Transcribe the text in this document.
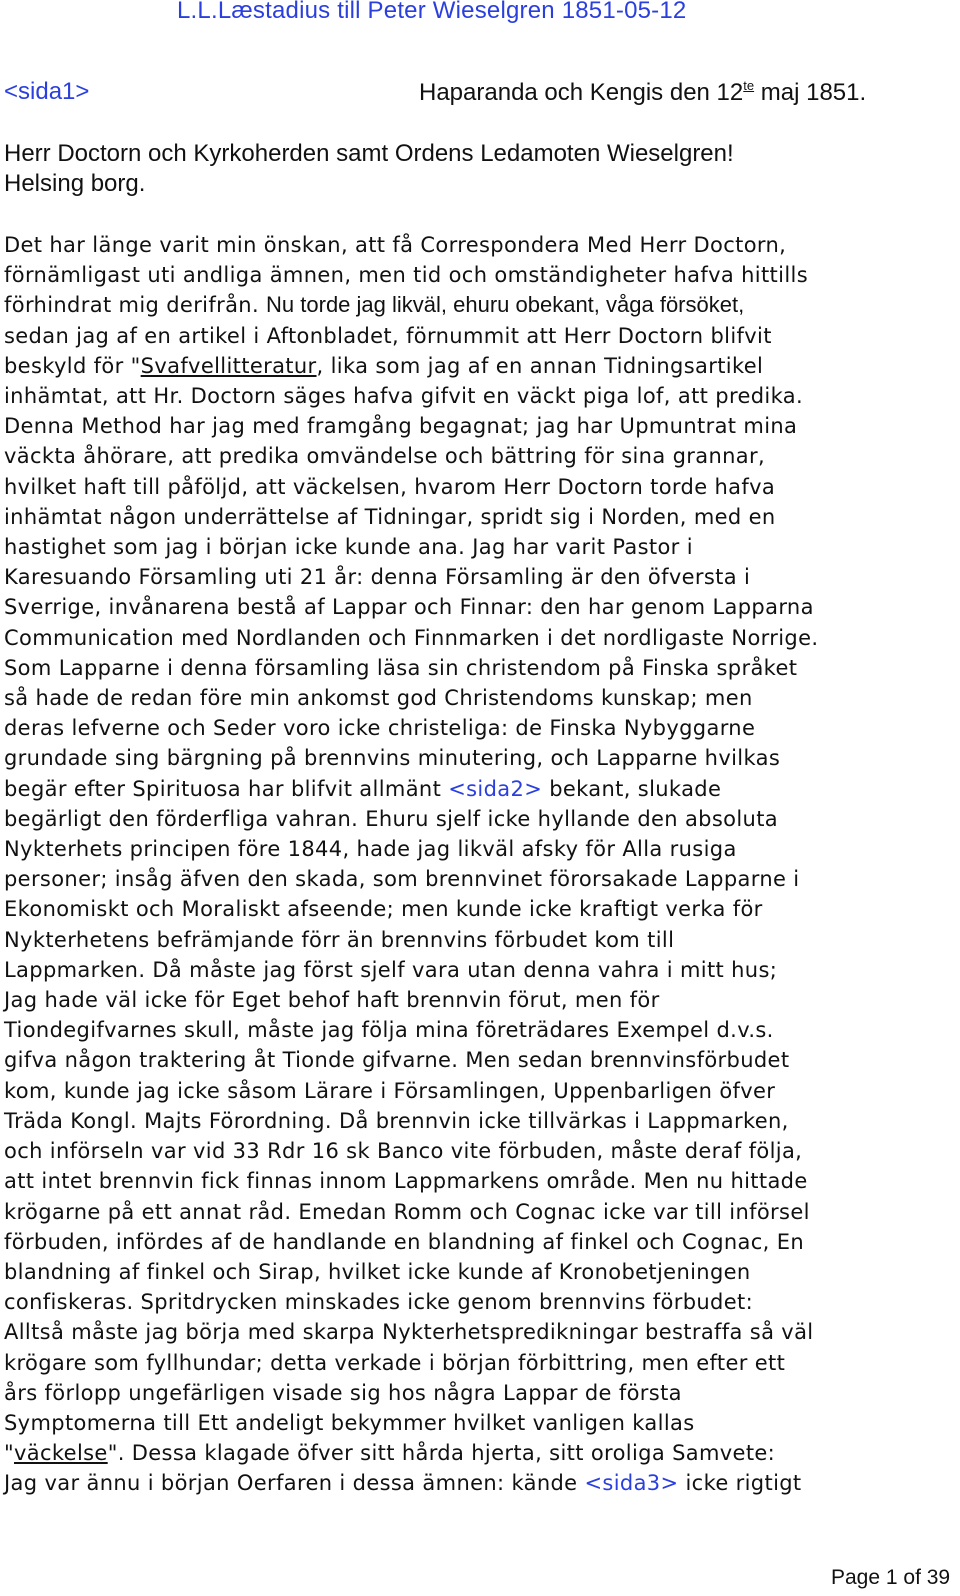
L.L.Læstadius till Peter Wieselgren 1851-05-12
<sida1>	Haparanda och Kengis den $12^{te}$ maj 1851.
Herr Doctorn och Kyrkoherden samt Ordens Ledamoten Wieselgren!
Helsing borg.
Det har länge varit min önskan, att få Correspondera Med Herr Doctorn,
förnämligast uti andliga ämnen, men tid och omständigheter hafva hittills
förhindrat mig derifrån. Nu torde jag likväl, ehuru obekant, våga försöket,
sedan jag af en artikel i Aftonbladet, förnummit att Herr Doctorn blifvit
beskyld för "Svafvellitteratur, lika som jag af en annan Tidningsartikel
inhämtat, att Hr. Doctorn säges hafva gifvit en väckt piga lof, att predika.
Denna Method har jag med framgång begagnat; jag har Upmuntrat mina
väckta åhörare, att predika omvändelse och bättring för sina grannar,
hvilket haft till påföljd, att väckelsen, hvarom Herr Doctorn torde hafva
inhämtat någon underrättelse af Tidningar, spridt sig i Norden, med en
hastighet som jag i början icke kunde ana. Jag har varit Pastor i
Karesuando Församling uti 21 år: denna Församling är den öfversta i
Sverrige, invånarena bestå af Lappar och Finnar: den har genom Lapparna
Communication med Nordlanden och Finnmarken i det nordligaste Norrige.
Som Lapparne i denna församling läsa sin christendom på Finska språket
så hade de redan före min ankomst god Christendoms kunskap; men
deras lefverne och Seder voro icke christeliga: de Finska Nybyggarne
grundade sing bärgning på brennvins minutering, och Lapparne hvilkas
begär efter Spirituosa har blifvit allmänt <sida2> bekant, slukade
begärligt den förderfliga vahran. Ehuru sjelf icke hyllande den absoluta
Nykterhets principen före 1844, hade jag likväl afsky för Alla rusiga
personer; insåg äfven den skada, som brennvinet förorsakade Lapparne i
Ekonomiskt och Moraliskt afseende; men kunde icke kraftigt verka för
Nykterhetens befrämjande förr än brennvins förbudet kom till
Lappmarken. Då måste jag först sjelf vara utan denna vahra i mitt hus;
Jag hade väl icke för Eget behof haft brennvin förut, men för
Tiondegifvarnes skull, måste jag följa mina företrädares Exempel d.v.s.
gifva någon traktering åt Tionde gifvarne. Men sedan brennvinsförbudet
kom, kunde jag icke såsom Lärare i Församlingen, Uppenbarligen öfver
Träda Kongl. Majts Förordning. Då brennvin icke tillvärkas i Lappmarken,
och införseln var vid 33 Rdr 16 sk Banco vite förbuden, måste deraf följa,
att intet brennvin fick finnas innom Lappmarkens område. Men nu hittade
krögarne på ett annat råd. Emedan Romm och Cognac icke var till införsel
förbuden, infördes af de handlande en blandning af finkel och Cognac, En
blandning af finkel och Sirap, hvilket icke kunde af Kronobetjeningen
confiskeras. Spritdrycken minskades icke genom brennvins förbudet:
Alltså måste jag börja med skarpa Nykterhetspredikningar bestraffa så väl
krögare som fyllhundar; detta verkade i början förbittring, men efter ett
års förlopp ungefärligen visade sig hos några Lappar de första
Symptomerna till Ett andeligt bekymmer hvilket vanligen kallas
"väckelse". Dessa klagade öfver sitt hårda hjerta, sitt oroliga Samvete:
Jag var ännu i början Oerfaren i dessa ämnen: kände <sida3> icke rigtigt
Page 1 of 39
